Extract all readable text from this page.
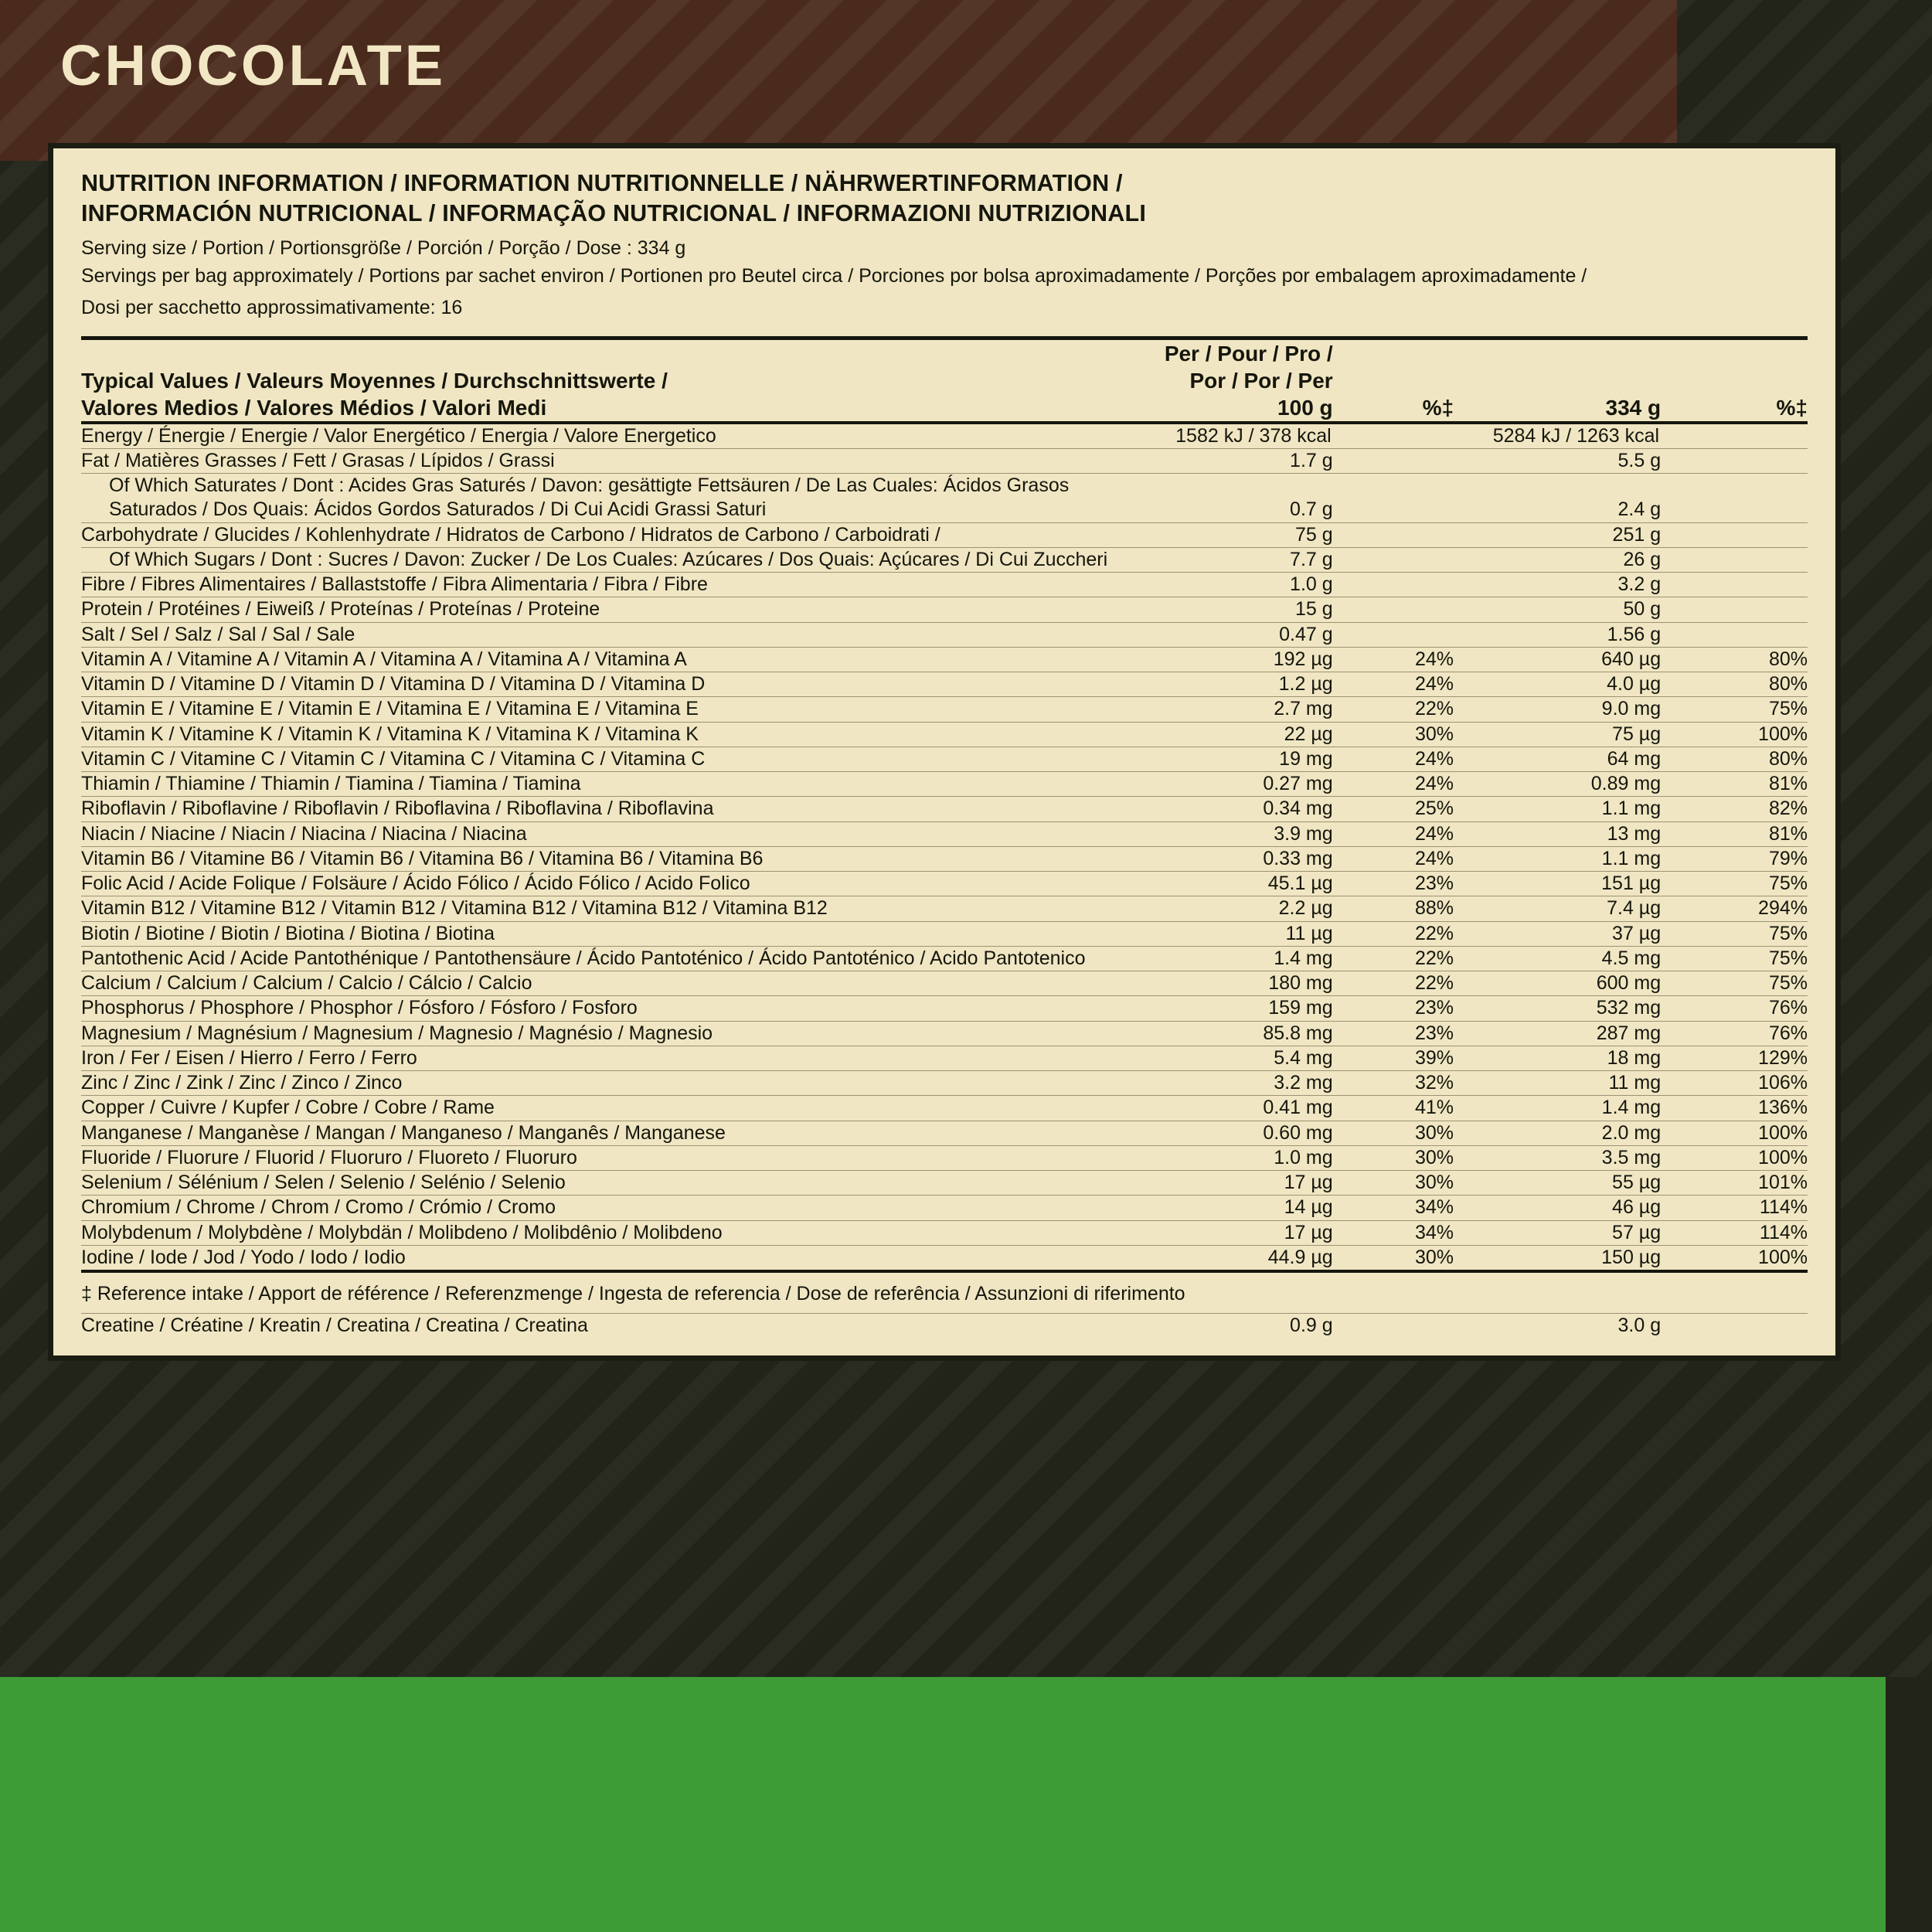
CHOCOLATE
NUTRITION INFORMATION / INFORMATION NUTRITIONNELLE / NÄHRWERTINFORMATION /
INFORMACIÓN NUTRICIONAL / INFORMAÇÃO NUTRICIONAL / INFORMAZIONI NUTRIZIONALI
Serving size / Portion / Portionsgröße / Porción / Porção / Dose : 334 g
Servings per bag approximately / Portions par sachet environ / Portionen pro Beutel circa / Porciones por bolsa aproximadamente / Porções por embalagem aproximadamente /
Dosi per sacchetto approssimativamente: 16
Typical Values / Valeurs Moyennes / Durchschnittswerte /
Valores Medios / Valores Médios / Valori Medi	Per / Pour / Pro / Por / Por / Per
100 g	%‡	334 g	%‡
Energy / Énergie / Energie / Valor Energético / Energia / Valore Energetico	1582 kJ / 378 kcal		5284 kJ / 1263 kcal	
Fat / Matières Grasses / Fett / Grasas / Lípidos / Grassi	1.7 g		5.5 g	
Of Which Saturates / Dont : Acides Gras Saturés / Davon: gesättigte Fettsäuren / De Las Cuales: Ácidos Grasos Saturados / Dos Quais: Ácidos Gordos Saturados / Di Cui Acidi Grassi Saturi	0.7 g		2.4 g	
Carbohydrate / Glucides / Kohlenhydrate / Hidratos de Carbono / Hidratos de Carbono / Carboidrati /	75 g		251 g	
Of Which Sugars / Dont : Sucres / Davon: Zucker / De Los Cuales: Azúcares / Dos Quais: Açúcares / Di Cui Zuccheri	7.7 g		26 g	
Fibre / Fibres Alimentaires / Ballaststoffe / Fibra Alimentaria / Fibra / Fibre	1.0 g		3.2 g	
Protein / Protéines / Eiweiß / Proteínas / Proteínas / Proteine	15 g		50 g	
Salt / Sel / Salz / Sal / Sal / Sale	0.47 g		1.56 g	
Vitamin A / Vitamine A / Vitamin A / Vitamina A / Vitamina A / Vitamina A	192 µg	24%	640 µg	80%
Vitamin D / Vitamine D / Vitamin D / Vitamina D / Vitamina D / Vitamina D	1.2 µg	24%	4.0 µg	80%
Vitamin E / Vitamine E / Vitamin E / Vitamina E / Vitamina E / Vitamina E	2.7 mg	22%	9.0 mg	75%
Vitamin K / Vitamine K / Vitamin K / Vitamina K / Vitamina K / Vitamina K	22 µg	30%	75 µg	100%
Vitamin C / Vitamine C / Vitamin C / Vitamina C / Vitamina C / Vitamina C	19 mg	24%	64 mg	80%
Thiamin / Thiamine / Thiamin / Tiamina / Tiamina / Tiamina	0.27 mg	24%	0.89 mg	81%
Riboflavin / Riboflavine / Riboflavin / Riboflavina / Riboflavina / Riboflavina	0.34 mg	25%	1.1 mg	82%
Niacin / Niacine / Niacin / Niacina / Niacina / Niacina	3.9 mg	24%	13 mg	81%
Vitamin B6 / Vitamine B6 / Vitamin B6 / Vitamina B6 / Vitamina B6 / Vitamina B6	0.33 mg	24%	1.1 mg	79%
Folic Acid / Acide Folique / Folsäure / Ácido Fólico / Ácido Fólico / Acido Folico	45.1 µg	23%	151 µg	75%
Vitamin B12 / Vitamine B12 / Vitamin B12 / Vitamina B12 / Vitamina B12 / Vitamina B12	2.2 µg	88%	7.4 µg	294%
Biotin / Biotine / Biotin / Biotina / Biotina / Biotina	11 µg	22%	37 µg	75%
Pantothenic Acid / Acide Pantothénique / Pantothensäure / Ácido Pantoténico / Ácido Pantoténico / Acido Pantotenico	1.4 mg	22%	4.5 mg	75%
Calcium / Calcium / Calcium / Calcio / Cálcio / Calcio	180 mg	22%	600 mg	75%
Phosphorus / Phosphore / Phosphor / Fósforo / Fósforo / Fosforo	159 mg	23%	532 mg	76%
Magnesium / Magnésium / Magnesium / Magnesio / Magnésio / Magnesio	85.8 mg	23%	287 mg	76%
Iron / Fer / Eisen / Hierro / Ferro / Ferro	5.4 mg	39%	18 mg	129%
Zinc / Zinc / Zink / Zinc / Zinco / Zinco	3.2 mg	32%	11 mg	106%
Copper / Cuivre / Kupfer / Cobre / Cobre / Rame	0.41 mg	41%	1.4 mg	136%
Manganese / Manganèse / Mangan / Manganeso / Manganês / Manganese	0.60 mg	30%	2.0 mg	100%
Fluoride / Fluorure / Fluorid / Fluoruro / Fluoreto / Fluoruro	1.0 mg	30%	3.5 mg	100%
Selenium / Sélénium / Selen / Selenio / Selénio / Selenio	17 µg	30%	55 µg	101%
Chromium / Chrome / Chrom / Cromo / Crómio / Cromo	14 µg	34%	46 µg	114%
Molybdenum / Molybdène / Molybdän / Molibdeno / Molibdênio / Molibdeno	17 µg	34%	57 µg	114%
Iodine / Iode / Jod / Yodo / Iodo / Iodio	44.9 µg	30%	150 µg	100%
‡ Reference intake / Apport de référence / Referenzmenge / Ingesta de referencia / Dose de referência / Assunzioni di riferimento				
Creatine / Créatine / Kreatin / Creatina / Creatina / Creatina	0.9 g		3.0 g	
